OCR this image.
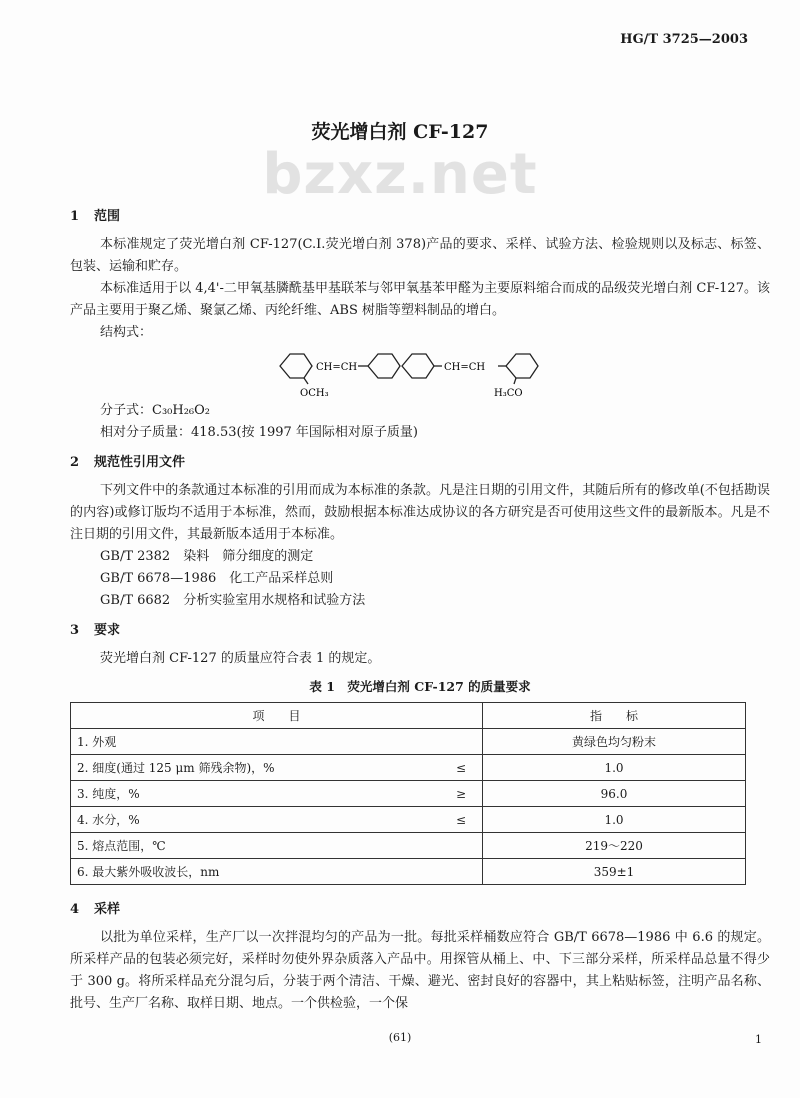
HG/T 3725—2003
荧光增白剂 CF-127
bzxz.net
1 范围

本标准规定了荧光增白剂 CF-127(C.I.荧光增白剂 378)产品的要求、采样、试验方法、检验规则以及标志、标签、包装、运输和贮存。

本标准适用于以 4,4'-二甲氧基膦酰基甲基联苯与邻甲氧基苯甲醛为主要原料缩合而成的品级荧光增白剂 CF-127。该产品主要用于聚乙烯、聚氯乙烯、丙纶纤维、ABS 树脂等塑料制品的增白。

结构式：

CH=CH	CH=CH
OCH₃	H₃CO
分子式：C₃₀H₂₆O₂
相对分子质量：418.53(按 1997 年国际相对原子质量)
2 规范性引用文件

下列文件中的条款通过本标准的引用而成为本标准的条款。凡是注日期的引用文件，其随后所有的修改单(不包括勘误的内容)或修订版均不适用于本标准，然而，鼓励根据本标准达成协议的各方研究是否可使用这些文件的最新版本。凡是不注日期的引用文件，其最新版本适用于本标准。

GB/T 2382　染料　筛分细度的测定
GB/T 6678—1986　化工产品采样总则
GB/T 6682　分析实验室用水规格和试验方法
3 要求

荧光增白剂 CF-127 的质量应符合表 1 的规定。

表 1　荧光增白剂 CF-127 的质量要求
项　　目		指　　标
1. 外观		黄绿色均匀粉末
2. 细度(通过 125 μm 筛残余物)，%	≤	1.0
3. 纯度，%	≥	96.0
4. 水分，%	≤	1.0
5. 熔点范围，℃		219～220
6. 最大紫外吸收波长，nm		359±1
4 采样

以批为单位采样，生产厂以一次拌混均匀的产品为一批。每批采样桶数应符合 GB/T 6678—1986 中 6.6 的规定。所采样产品的包装必须完好，采样时勿使外界杂质落入产品中。用探管从桶上、中、下三部分采样，所采样品总量不得少于 300 g。将所采样品充分混匀后，分装于两个清洁、干燥、避光、密封良好的容器中，其上粘贴标签，注明产品名称、批号、生产厂名称、取样日期、地点。一个供检验，一个保

(61)	1
